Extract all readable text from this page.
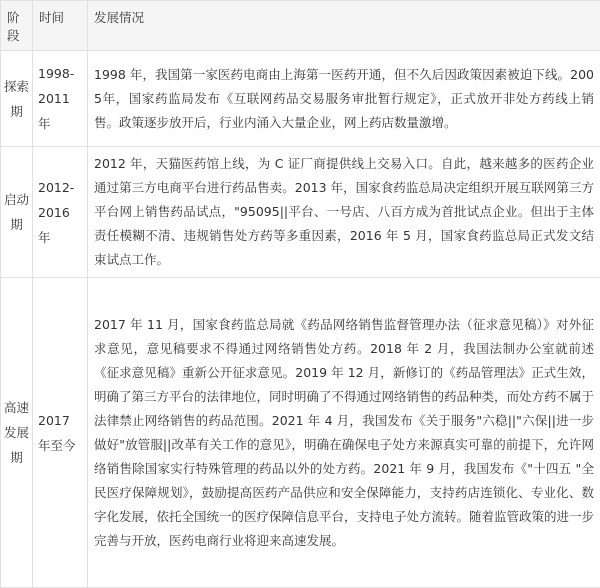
阶段	时间	发展情况
探索期	1998-2011年	1998 年，我国第一家医药电商由上海第一医药开通，但不久后因政策因素被迫下线。2005年，国家药监局发布《互联网药品交易服务审批暂行规定》，正式放开非处方药线上销售。政策逐步放开后，行业内涌入大量企业，网上药店数量激增。
启动期	2012-2016年	2012 年，天猫医药馆上线，为 C 证厂商提供线上交易入口。自此，越来越多的医药企业通过第三方电商平台进行药品售卖。2013 年，国家食药监总局决定组织开展互联网第三方平台网上销售药品试点，"95095||平台、一号店、八百方成为首批试点企业。但出于主体责任模糊不清、违规销售处方药等多重因素，2016 年 5 月，国家食药监总局正式发文结束试点工作。
高速发展期	2017年至今	2017 年 11 月，国家食药监总局就《药品网络销售监督管理办法（征求意见稿）》对外征求意见，意见稿要求不得通过网络销售处方药。2018 年 2 月，我国法制办公室就前述《征求意见稿》重新公开征求意见。2019 年 12 月，新修订的《药品管理法》正式生效，明确了第三方平台的法律地位，同时明确了不得通过网络销售的药品种类，而处方药不属于法律禁止网络销售的药品范围。2021 年 4 月，我国发布《关于服务"六稳||"六保||进一步做好"放管服||改革有关工作的意见》，明确在确保电子处方来源真实可靠的前提下，允许网络销售除国家实行特殊管理的药品以外的处方药。2021 年 9 月，我国发布《"十四五 "全民医疗保障规划》，鼓励提高医药产品供应和安全保障能力，支持药店连锁化、专业化、数字化发展，依托全国统一的医疗保障信息平台，支持电子处方流转。随着监管政策的进一步完善与开放，医药电商行业将迎来高速发展。
